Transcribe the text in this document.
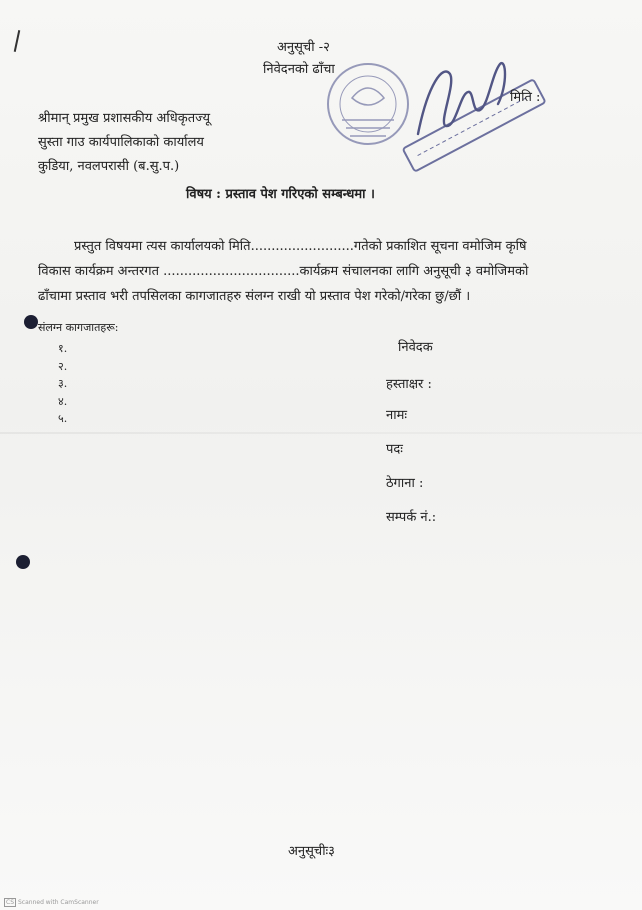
अनुसूची -२
निवेदनको ढाँचा
मिति :
श्रीमान् प्रमुख प्रशासकीय अधिकृतज्यू
सुस्ता गाउ कार्यपालिकाको कार्यालय
कुडिया, नवलपरासी (ब.सु.प.)
विषय : प्रस्ताव पेश गरिएको सम्बन्धमा ।
प्रस्तुत विषयमा त्यस कार्यालयको मिति.........................गतेको प्रकाशित सूचना वमोजिम कृषि
विकास कार्यक्रम अन्तरगत .................................कार्यक्रम संचालनका लागि अनुसूची ३ वमोजिमको
ढाँचामा प्रस्ताव भरी तपसिलका कागजातहरु संलग्न राखी यो प्रस्ताव पेश गरेको/गरेका छु/छौं ।
संलग्न कागजातहरू:
१.
२.
३.
४.
५.
निवेदक
हस्ताक्षर :
नामः
पदः
ठेगाना :
सम्पर्क नं.:
अनुसूचीः३
CS Scanned with CamScanner
